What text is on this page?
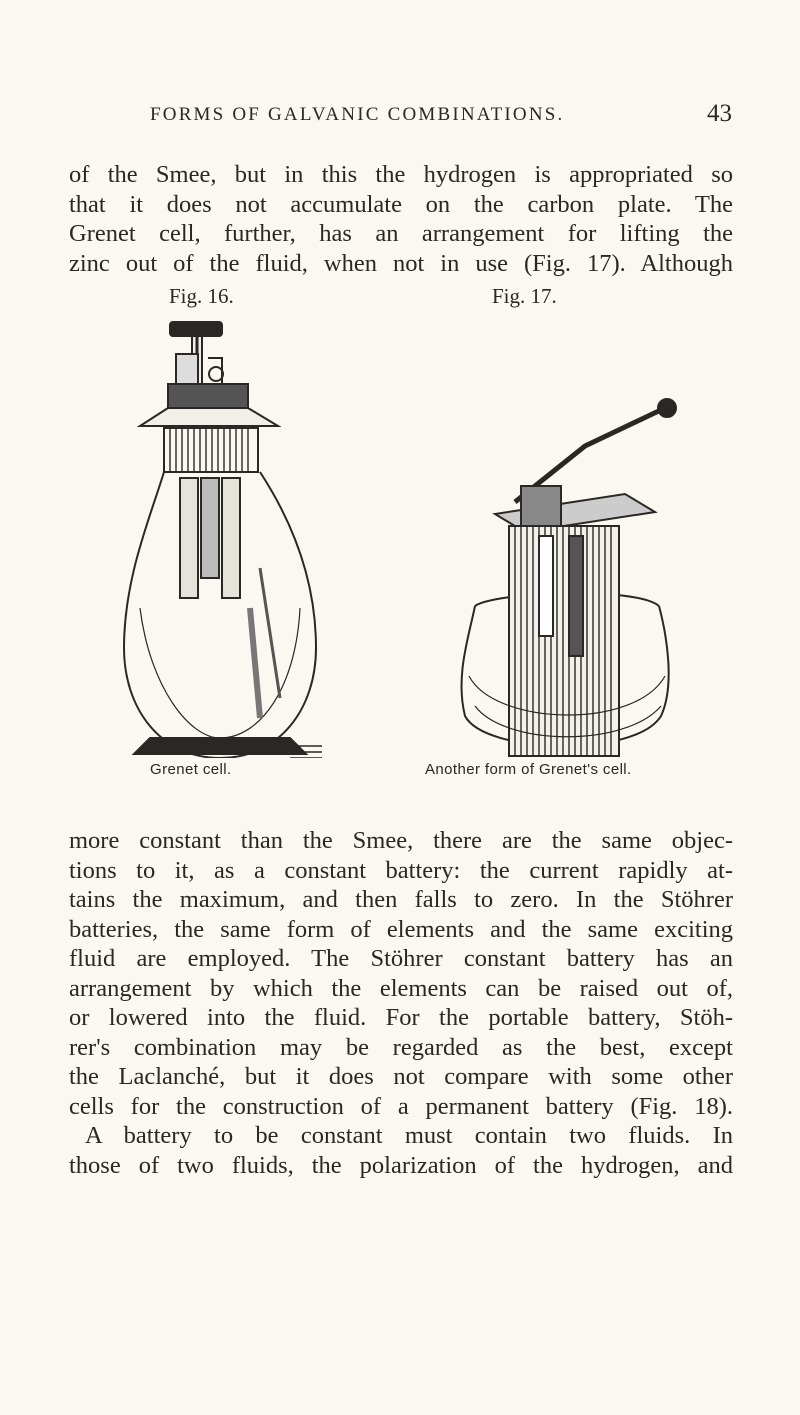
FORMS OF GALVANIC COMBINATIONS.	43
of the Smee, but in this the hydrogen is appropriated so
that it does not accumulate on the carbon plate. The
Grenet cell, further, has an arrangement for lifting the
zinc out of the fluid, when not in use (Fig. 17). Although
Fig. 16.	Fig. 17.
Grenet cell.	Another form of Grenet's cell.
more constant than the Smee, there are the same objec-
tions to it, as a constant battery: the current rapidly at-
tains the maximum, and then falls to zero. In the Stöhrer
batteries, the same form of elements and the same exciting
fluid are employed. The Stöhrer constant battery has an
arrangement by which the elements can be raised out of,
or lowered into the fluid. For the portable battery, Stöh-
rer's combination may be regarded as the best, except
the Laclanché, but it does not compare with some other
cells for the construction of a permanent battery (Fig. 18).
A battery to be constant must contain two fluids. In
those of two fluids, the polarization of the hydrogen, and
